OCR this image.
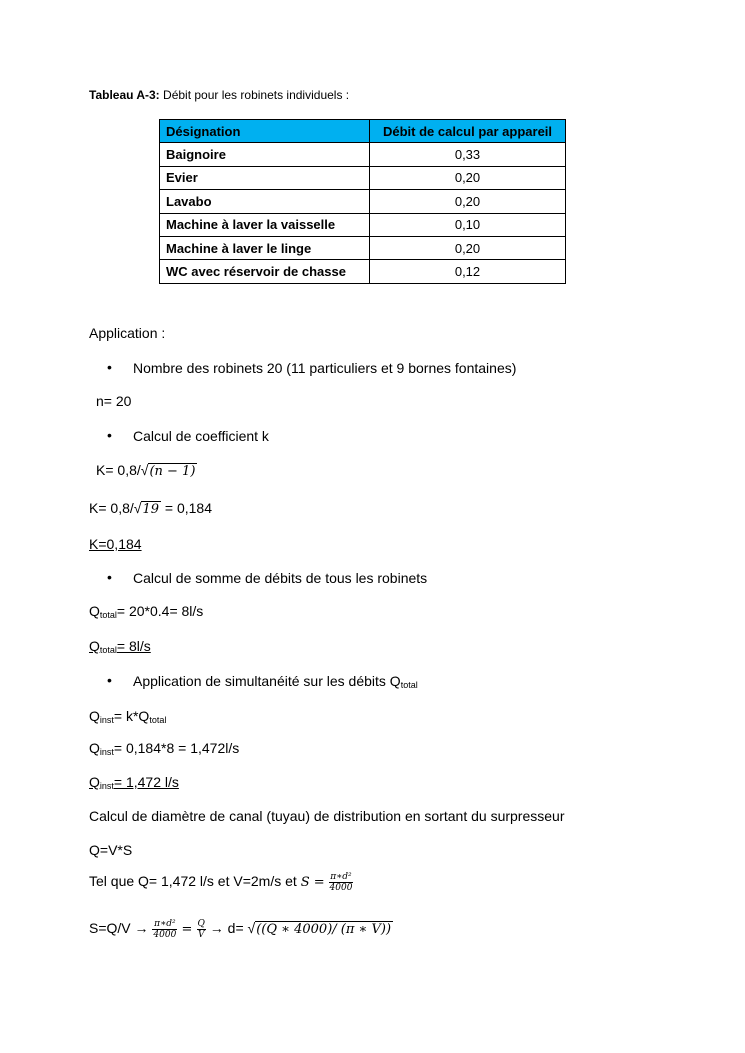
Tableau A-3: Débit pour les robinets individuels :
Désignation	Débit de calcul par appareil
Baignoire	0,33
Evier	0,20
Lavabo	0,20
Machine à laver la vaisselle	0,10
Machine à laver le linge	0,20
WC avec réservoir de chasse	0,12
Application :
• Nombre des robinets 20 (11 particuliers et 9 bornes fontaines)
n= 20
• Calcul de coefficient k
K= 0,8/√(n − 1)
K= 0,8/√19 = 0,184
K=0,184
• Calcul de somme de débits de tous les robinets
$Q_{total}= 20*0.4= 8l/s$
$Q_{total}= 8l/s$
• Application de simultanéité sur les débits $Q_{total}$
$Q_{inst}= k*Q_{total}$
$Q_{inst}= 0,184*8 = 1,472l/s$
$Q_{inst}= 1,472$ l/s
Calcul de diamètre de canal (tuyau) de distribution en sortant du surpresseur
Q=V*S
Tel que Q= 1,472 l/s et V=2m/s et $S = \frac{\text{π∗d²}}{4000}$
$S=Q/V \to \frac{\text{π∗d²}}{4000} = \frac{Q}{V} \to d= √((Q$ ∗ 4000)/ (π ∗ V))
